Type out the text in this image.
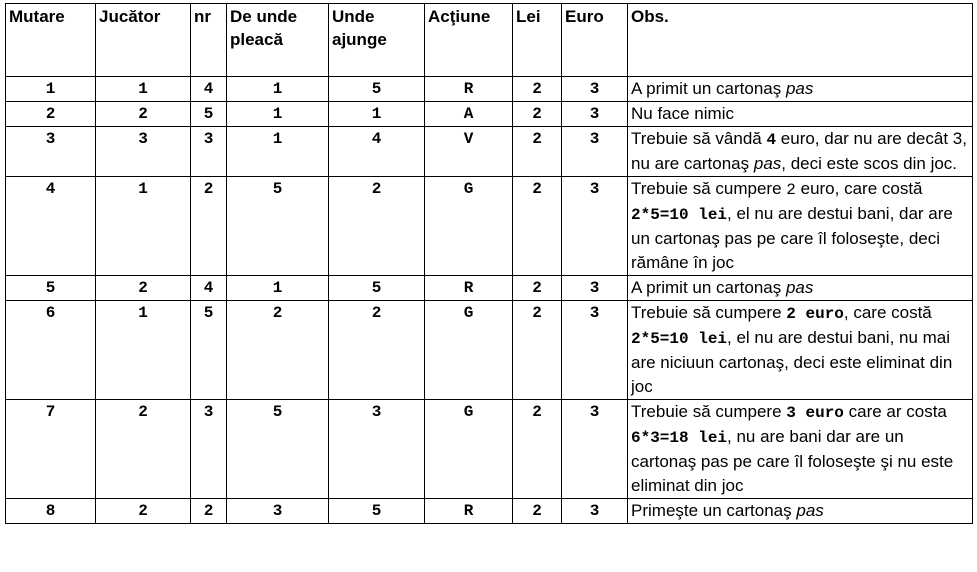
Mutare	Jucător	nr	De unde pleacă	Unde ajunge	Acţiune	Lei	Euro	Obs.
1	1	4	1	5	R	2	3	A primit un cartonaş pas
2	2	5	1	1	A	2	3	Nu face nimic
3	3	3	1	4	V	2	3	Trebuie să vândă 4 euro, dar nu are decât 3, nu are cartonaş pas, deci este scos din joc.
4	1	2	5	2	G	2	3	Trebuie să cumpere 2 euro, care costă 2*5=10 lei, el nu are destui bani, dar are un cartonaş pas pe care îl foloseşte, deci rămâne în joc
5	2	4	1	5	R	2	3	A primit un cartonaş pas
6	1	5	2	2	G	2	3	Trebuie să cumpere 2 euro, care costă 2*5=10 lei, el nu are destui bani, nu mai are niciuun cartonaş, deci este eliminat din joc
7	2	3	5	3	G	2	3	Trebuie să cumpere 3 euro care ar costa 6*3=18 lei, nu are bani dar are un cartonaş pas pe care îl foloseşte şi nu este eliminat din joc
8	2	2	3	5	R	2	3	Primeşte un cartonaş pas
